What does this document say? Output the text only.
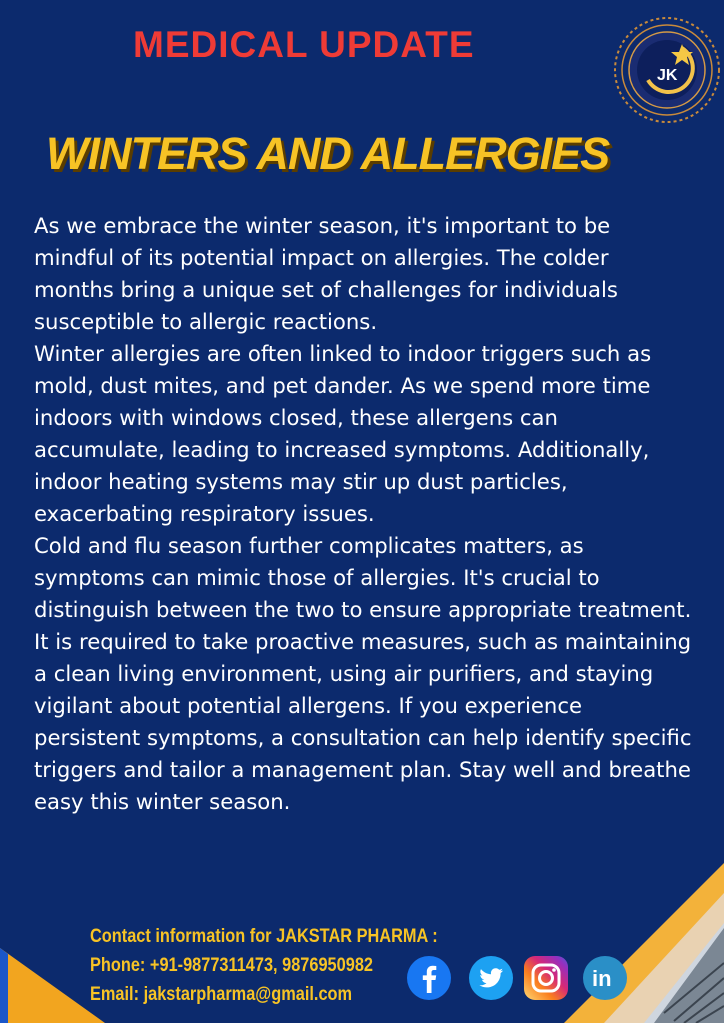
MEDICAL UPDATE
JK
WINTERS AND ALLERGIES

As we embrace the winter season, it's important to be mindful of its potential impact on allergies. The colder months bring a unique set of challenges for individuals susceptible to allergic reactions.

Winter allergies are often linked to indoor triggers such as mold, dust mites, and pet dander. As we spend more time indoors with windows closed, these allergens can accumulate, leading to increased symptoms. Additionally, indoor heating systems may stir up dust particles, exacerbating respiratory issues.

Cold and flu season further complicates matters, as symptoms can mimic those of allergies. It's crucial to distinguish between the two to ensure appropriate treatment.

It is required to take proactive measures, such as maintaining a clean living environment, using air purifiers, and staying vigilant about potential allergens. If you experience persistent symptoms, a consultation can help identify specific triggers and tailor a management plan. Stay well and breathe easy this winter season.

Contact information for JAKSTAR PHARMA :
Phone: +91-9877311473, 9876950982
Email: jakstarpharma@gmail.com
in
